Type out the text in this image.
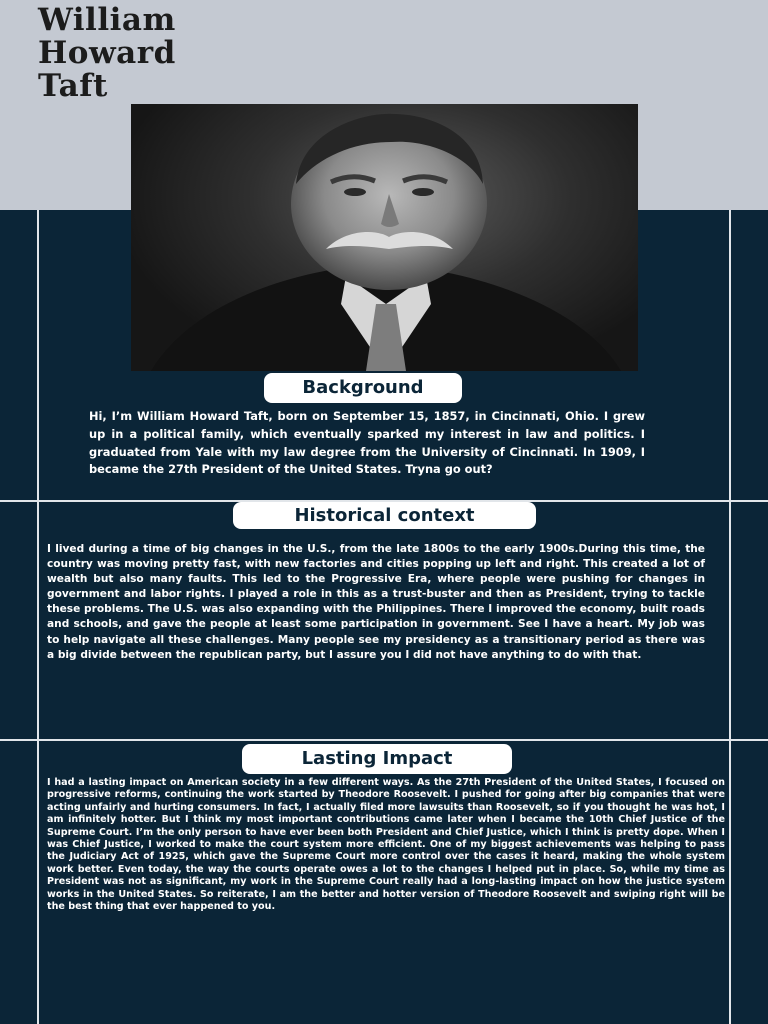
William
Howard
Taft
Background

Hi, I’m William Howard Taft, born on September 15, 1857, in Cincinnati, Ohio. I grew up in a political family, which eventually sparked my interest in law and politics. I graduated from Yale with my law degree from the University of Cincinnati. In 1909, I became the 27th President of the United States. Tryna go out?

Historical context

I lived during a time of big changes in the U.S., from the late 1800s to the early 1900s.During this time, the country was moving pretty fast, with new factories and cities popping up left and right. This created a lot of wealth but also many faults. This led to the Progressive Era, where people were pushing for changes in government and labor rights. I played a role in this as a trust-buster and then as President, trying to tackle these problems. The U.S. was also expanding with the Philippines. There I improved the economy, built roads and schools, and gave the people at least some participation in government. See I have a heart. My job was to help navigate all these challenges. Many people see my presidency as a transitionary period as there was a big divide between the republican party, but I assure you I did not have anything to do with that.

Lasting Impact

I had a lasting impact on American society in a few different ways. As the 27th President of the United States, I focused on progressive reforms, continuing the work started by Theodore Roosevelt. I pushed for going after big companies that were acting unfairly and hurting consumers. In fact, I actually filed more lawsuits than Roosevelt, so if you thought he was hot, I am infinitely hotter. But I think my most important contributions came later when I became the 10th Chief Justice of the Supreme Court. I’m the only person to have ever been both President and Chief Justice, which I think is pretty dope. When I was Chief Justice, I worked to make the court system more efficient. One of my biggest achievements was helping to pass the Judiciary Act of 1925, which gave the Supreme Court more control over the cases it heard, making the whole system work better. Even today, the way the courts operate owes a lot to the changes I helped put in place. So, while my time as President was not as significant, my work in the Supreme Court really had a long-lasting impact on how the justice system works in the United States. So reiterate, I am the better and hotter version of Theodore Roosevelt and swiping right will be the best thing that ever happened to you.
